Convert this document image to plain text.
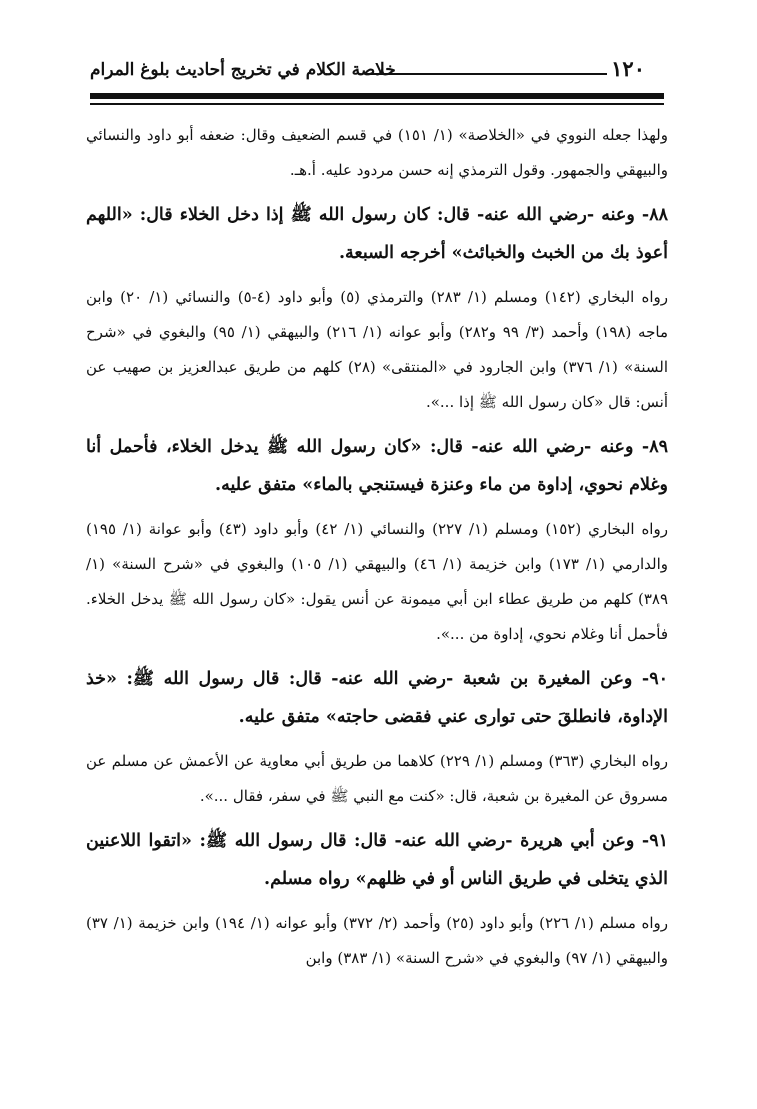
١٢٠
خلاصة الكلام في تخريج أحاديث بلوغ المرام

ولهذا جعله النووي في «الخلاصة» (١/ ١٥١) في قسم الضعيف وقال: ضعفه أبو داود والنسائي والبيهقي والجمهور. وقول الترمذي إنه حسن مردود عليه. أ.هـ.

٨٨- وعنه -رضي الله عنه- قال: كان رسول الله ﷺ إذا دخل الخلاء قال: «اللهم أعوذ بك من الخبث والخبائث» أخرجه السبعة.

رواه البخاري (١٤٢) ومسلم (١/ ٢٨٣) والترمذي (٥) وأبو داود (٤-٥) والنسائي (١/ ٢٠) وابن ماجه (١٩٨) وأحمد (٣/ ٩٩ و٢٨٢) وأبو عوانه (١/ ٢١٦) والبيهقي (١/ ٩٥) والبغوي في «شرح السنة» (١/ ٣٧٦) وابن الجارود في «المنتقى» (٢٨) كلهم من طريق عبدالعزيز بن صهيب عن أنس: قال «كان رسول الله ﷺ إذا ...».

٨٩- وعنه -رضي الله عنه- قال: «كان رسول الله ﷺ يدخل الخلاء، فأحمل أنا وغلام نحوي، إداوة من ماء وعنزة فيستنجي بالماء» متفق عليه.

رواه البخاري (١٥٢) ومسلم (١/ ٢٢٧) والنسائي (١/ ٤٢) وأبو داود (٤٣) وأبو عوانة (١/ ١٩٥) والدارمي (١/ ١٧٣) وابن خزيمة (١/ ٤٦) والبيهقي (١/ ١٠٥) والبغوي في «شرح السنة» (١/ ٣٨٩) كلهم من طريق عطاء ابن أبي ميمونة عن أنس يقول: «كان رسول الله ﷺ يدخل الخلاء. فأحمل أنا وغلام نحوي، إداوة من ...».

٩٠- وعن المغيرة بن شعبة -رضي الله عنه- قال: قال رسول الله ﷺ: «خذ الإداوة، فانطلقَ حتى توارى عني فقضى حاجته» متفق عليه.

رواه البخاري (٣٦٣) ومسلم (١/ ٢٢٩) كلاهما من طريق أبي معاوية عن الأعمش عن مسلم عن مسروق عن المغيرة بن شعبة، قال: «كنت مع النبي ﷺ في سفر، فقال ...».

٩١- وعن أبي هريرة -رضي الله عنه- قال: قال رسول الله ﷺ: «اتقوا اللاعنين الذي يتخلى في طريق الناس أو في ظلهم» رواه مسلم.

رواه مسلم (١/ ٢٢٦) وأبو داود (٢٥) وأحمد (٢/ ٣٧٢) وأبو عوانه (١/ ١٩٤) وابن خزيمة (١/ ٣٧) والبيهقي (١/ ٩٧) والبغوي في «شرح السنة» (١/ ٣٨٣) وابن
